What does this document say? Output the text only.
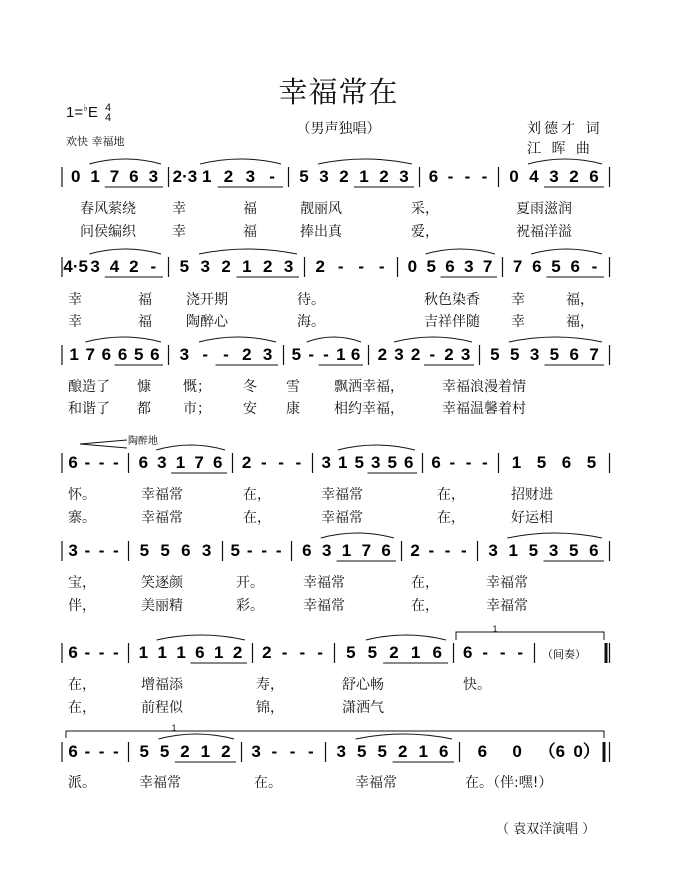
幸福常在
（男声独唱）
1=♭E 4
4
欢快 幸福地
刘德才 词
江 晖 曲
0 1 7 6 3 2·3 1 2 3 - 5 3 2 1 2 3 6 - - - 0 4 3 2 6
4·5 3 4 2 - 5 3 2 1 2 3 2 - - - 0 5 6 3 7 7 6 5 6 -
1 7 6 6 5 6 3 - - 2 3 5 - - 1 6 2 3 2 - 2 3 5 5 3 5 6 7
6 - - - 6 3 1 7 6 2 - - - 3 1 5 3 5 6 6 - - - 1 5 6 5
3 - - - 5 5 6 3 5 - - - 6 3 1 7 6 2 - - - 3 1 5 3 5 6
6 - - - 1 1 1 6 1 2 2 - - - 5 5 2 1 6 6 - - - （间奏）
1
6 - - - 5 5 2 1 2 3 - - - 3 5 5 2 1 6 6 0 （6 0）
1
陶醉地
（ 袁双洋演唱 ）
春风萦绕	幸	福	靓丽风	采，	夏雨滋润
问侯编织	幸	福	捧出真	爱，	祝福洋溢
幸	福 浇开期	待。	秋色染香 幸	福，
幸	福 陶醉心	海。	吉祥伴随 幸	福，
酿造了 慷 慨； 冬 雪 飘洒幸福，	幸福浪漫着情
和谐了 都 市； 安 康 相约幸福，	幸福温馨着村
怀。	幸福常	在，	幸福常	在，	招财进
寨。	幸福常	在，	幸福常	在，	好运相
宝，	笑逐颜	开。	幸福常	在，	幸福常
伴，	美丽精	彩。	幸福常	在，	幸福常
在，	增福添	寿，	舒心畅	快。
在，	前程似	锦，	潇洒气
派。	幸福常	在。	幸福常	在。（伴:嘿!）
